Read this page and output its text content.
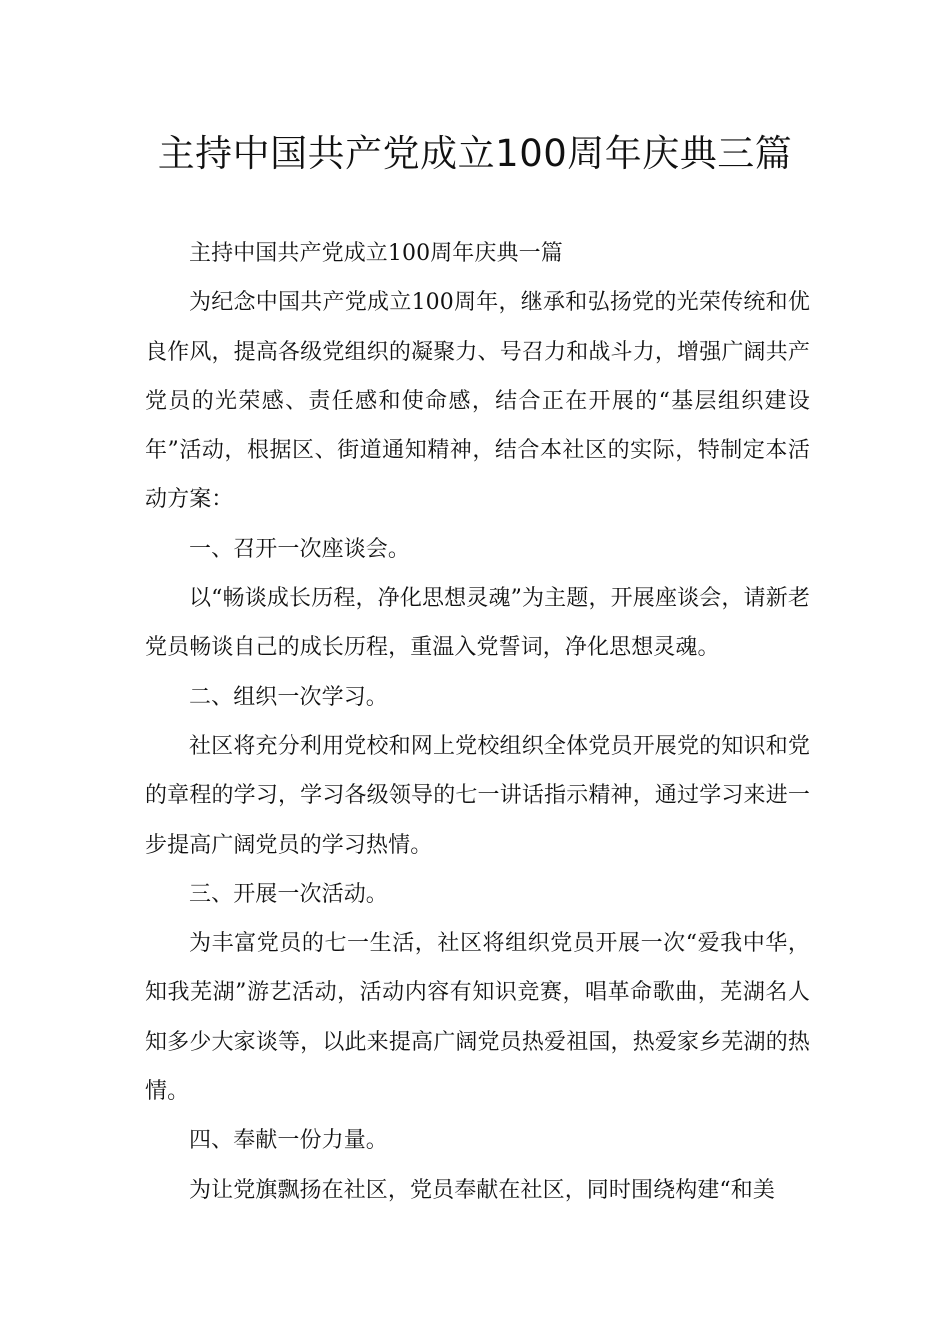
主持中国共产党成立100周年庆典三篇

主持中国共产党成立100周年庆典一篇

为纪念中国共产党成立100周年，继承和弘扬党的光荣传统和优良作风，提高各级党组织的凝聚力、号召力和战斗力，增强广阔共产党员的光荣感、责任感和使命感，结合正在开展的“基层组织建设年”活动，根据区、街道通知精神，结合本社区的实际，特制定本活动方案：

一、召开一次座谈会。

以“畅谈成长历程，净化思想灵魂”为主题，开展座谈会，请新老党员畅谈自己的成长历程，重温入党誓词，净化思想灵魂。

二、组织一次学习。

社区将充分利用党校和网上党校组织全体党员开展党的知识和党的章程的学习，学习各级领导的七一讲话指示精神，通过学习来进一步提高广阔党员的学习热情。

三、开展一次活动。

为丰富党员的七一生活，社区将组织党员开展一次“爱我中华，知我芜湖”游艺活动，活动内容有知识竞赛，唱革命歌曲，芜湖名人知多少大家谈等，以此来提高广阔党员热爱祖国，热爱家乡芜湖的热情。

四、奉献一份力量。

为让党旗飘扬在社区，党员奉献在社区，同时围绕构建“和美
